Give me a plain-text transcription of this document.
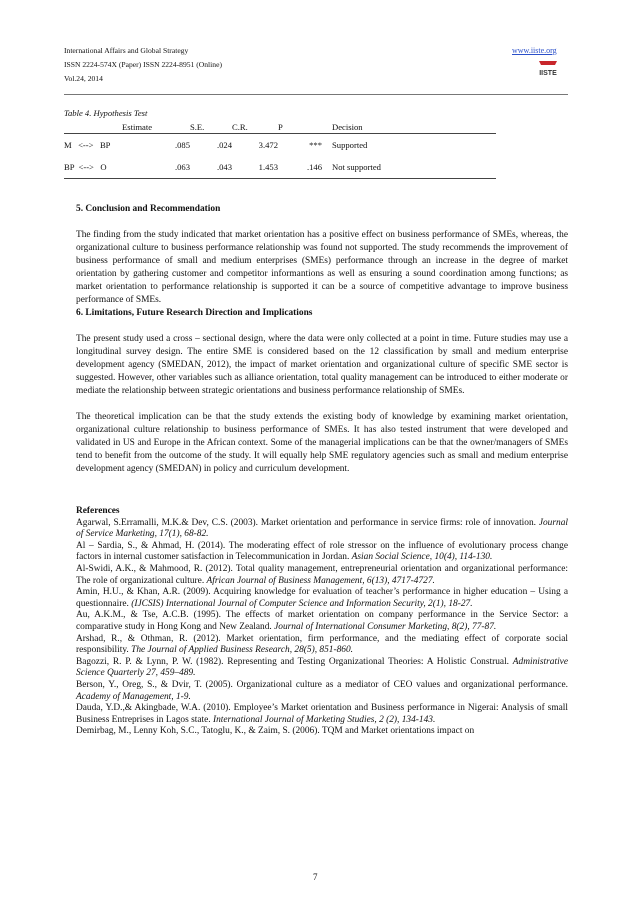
International Affairs and Global Strategy
ISSN 2224-574X (Paper) ISSN 2224-8951 (Online)
Vol.24, 2014
www.iiste.org
IISTE
Table 4. Hypothesis Test
	Estimate	S.E.	C.R.	P	Decision
M   <-->   BP	.085	.024	3.472	***	Supported
BP  <-->   O	.063	.043	1.453	.146	Not supported

5. Conclusion and Recommendation

The finding from the study indicated that market orientation has a positive effect on business performance of SMEs, whereas, the organizational culture to business performance relationship was found not supported. The study recommends the improvement of business performance of small and medium enterprises (SMEs) performance through an increase in the degree of market orientation by gathering customer and competitor informantions as well as ensuring a sound coordination among functions; as market orientation to performance relationship is supported it can be a source of competitive advantage to improve business performance of SMEs.

6. Limitations, Future Research Direction and Implications

The present study used a cross – sectional design, where the data were only collected at a point in time. Future studies may use a longitudinal survey design. The entire SME is considered based on the 12 classification by small and medium enterprise development agency (SMEDAN, 2012), the impact of market orientation and organizational culture of specific SME sector is suggested. However, other variables such as alliance orientation, total quality management can be introduced to either moderate or mediate the relationship between strategic orientations and business performance relationship of SMEs.

The theoretical implication can be that the study extends the existing body of knowledge by examining market orientation, organizational culture relationship to business performance of SMEs. It has also tested instrument that were developed and validated in US and Europe in the African context. Some of the managerial implications can be that the owner/managers of SMEs tend to benefit from the outcome of the study. It will equally help SME regulatory agencies such as small and medium enterprise development agency (SMEDAN) in policy and curriculum development.

References

Agarwal, S.Erramalli, M.K.& Dev, C.S. (2003). Market orientation and performance in service firms: role of innovation. Journal of Service Marketing, 17(1), 68-82.

Al – Sardia, S., & Ahmad, H. (2014). The moderating effect of role stressor on the influence of evolutionary process change factors in internal customer satisfaction in Telecommunication in Jordan. Asian Social Science, 10(4), 114-130.

Al-Swidi, A.K., & Mahmood, R. (2012). Total quality management, entrepreneurial orientation and organizational performance: The role of organizational culture. African Journal of Business Management, 6(13), 4717-4727.

Amin, H.U., & Khan, A.R. (2009). Acquiring knowledge for evaluation of teacher’s performance in higher education – Using a questionnaire. (IJCSIS) International Journal of Computer Science and Information Security, 2(1), 18-27.

Au, A.K.M., & Tse, A.C.B. (1995). The effects of market orientation on company performance in the Service Sector: a comparative study in Hong Kong and New Zealand. Journal of International Consumer Marketing, 8(2), 77-87.

Arshad, R., & Othman, R. (2012). Market orientation, firm performance, and the mediating effect of corporate social responsibility. The Journal of Applied Business Research, 28(5), 851-860.

Bagozzi, R. P. & Lynn, P. W. (1982). Representing and Testing Organizational Theories: A Holistic Construal. Administrative Science Quarterly 27, 459–489.

Berson, Y., Oreg, S., & Dvir, T. (2005). Organizational culture as a mediator of CEO values and organizational performance. Academy of Management, 1-9.

Dauda, Y.D.,& Akingbade, W.A. (2010). Employee’s Market orientation and Business performance in Nigerai: Analysis of small Business Entreprises in Lagos state. International Journal of Marketing Studies, 2 (2), 134-143.

Demirbag, M., Lenny Koh, S.C., Tatoglu, K., & Zaim, S. (2006). TQM and Market orientations impact on

7
